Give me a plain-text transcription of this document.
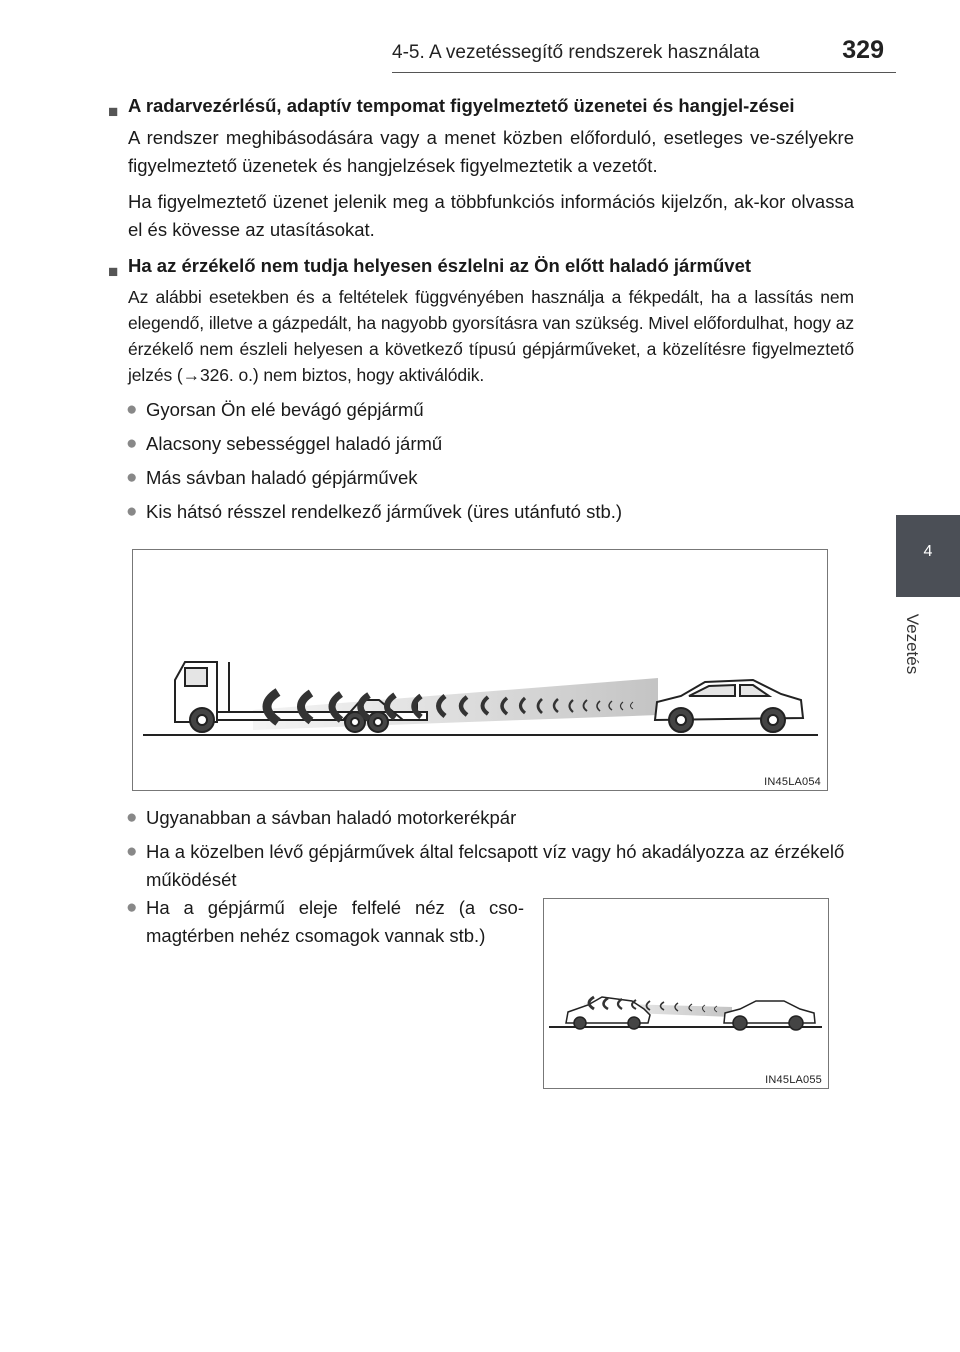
4-5. A vezetéssegítő rendszerek használata	329
4
Vezetés
■ A radarvezérlésű, adaptív tempomat figyelmeztető üzenetei és hangjel-zései

A rendszer meghibásodására vagy a menet közben előforduló, esetleges ve-szélyekre figyelmeztető üzenetek és hangjelzések figyelmeztetik a vezetőt.

Ha figyelmeztető üzenet jelenik meg a többfunkciós információs kijelzőn, ak-kor olvassa el és kövesse az utasításokat.

■ Ha az érzékelő nem tudja helyesen észlelni az Ön előtt haladó járművet

Az alábbi esetekben és a feltételek függvényében használja a fékpedált, ha a lassítás nem elegendő, illetve a gázpedált, ha nagyobb gyorsításra van szükség. Mivel előfordulhat, hogy az érzékelő nem észleli helyesen a következő típusú gépjárműveket, a közelítésre figyelmeztető jelzés (→326. o.) nem biztos, hogy aktiválódik.

● Gyorsan Ön elé bevágó gépjármű
● Alacsony sebességgel haladó jármű
● Más sávban haladó gépjárművek
● Kis hátsó résszel rendelkező járművek (üres utánfutó stb.)
● Ugyanabban a sávban haladó motorkerékpár
● Ha a közelben lévő gépjárművek által felcsapott víz vagy hó akadályozza az érzékelő működését
● Ha a gépjármű eleje felfelé néz (a cso-magtérben nehéz csomagok vannak stb.)
IN45LA054
IN45LA055
